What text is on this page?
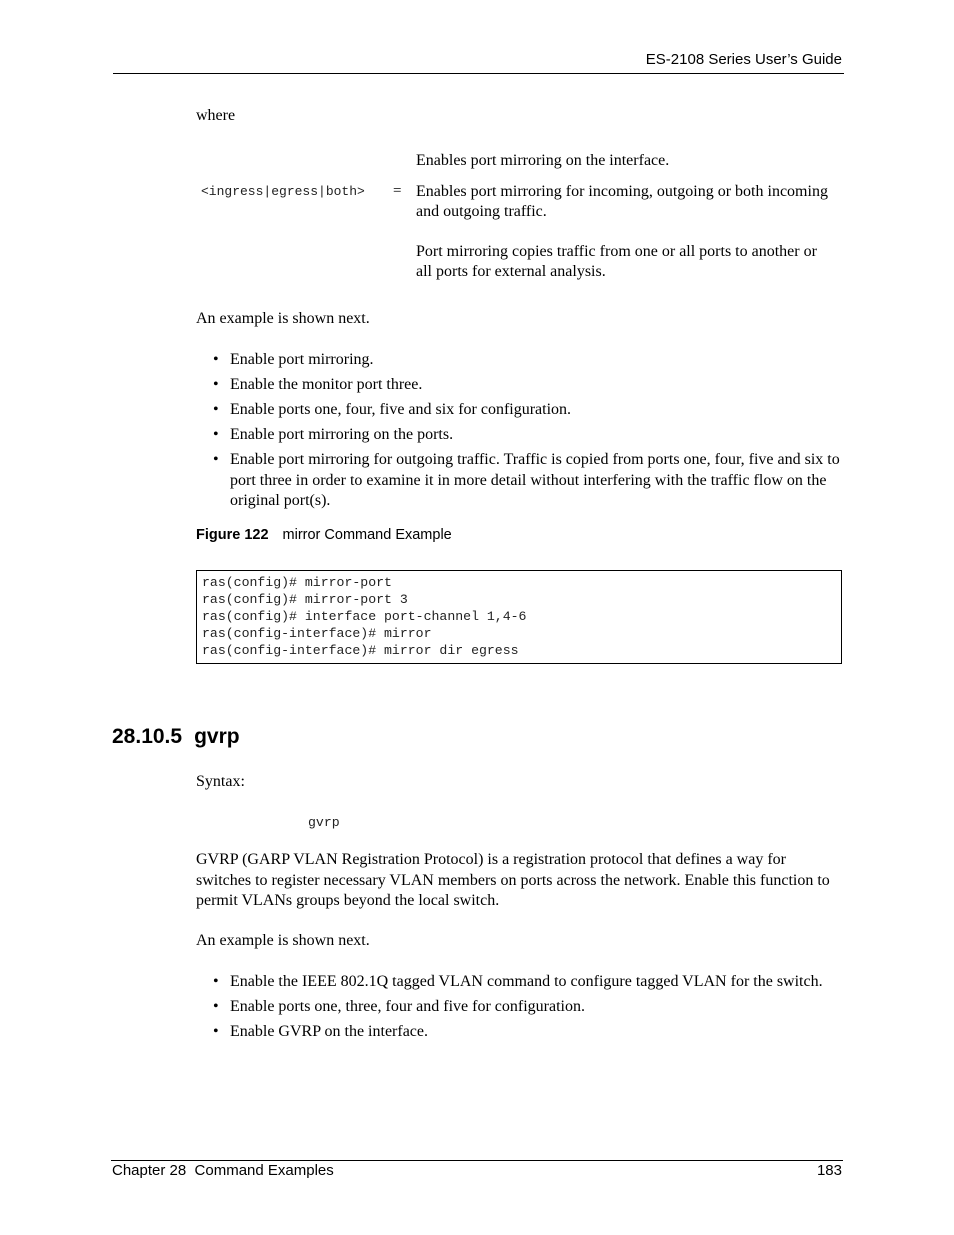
ES-2108 Series User’s Guide
where
<ingress|egress|both> =

Enables port mirroring on the interface.

Enables port mirroring for incoming, outgoing or both incoming and outgoing traffic.

Port mirroring copies traffic from one or all ports to another or all ports for external analysis.

An example is shown next.
• Enable port mirroring.
• Enable the monitor port three.
• Enable ports one, four, five and six for configuration.
• Enable port mirroring on the ports.
• Enable port mirroring for outgoing traffic. Traffic is copied from ports one, four, five and six to port three in order to examine it in more detail without interfering with the traffic flow on the original port(s).
Figure 122 mirror Command Example
ras(config)# mirror-port
ras(config)# mirror-port 3
ras(config)# interface port-channel 1,4-6
ras(config-interface)# mirror
ras(config-interface)# mirror dir egress
28.10.5 gvrp
Syntax:
gvrp
GVRP (GARP VLAN Registration Protocol) is a registration protocol that defines a way for switches to register necessary VLAN members on ports across the network. Enable this function to permit VLANs groups beyond the local switch.
An example is shown next.
• Enable the IEEE 802.1Q tagged VLAN command to configure tagged VLAN for the switch.
• Enable ports one, three, four and five for configuration.
• Enable GVRP on the interface.
Chapter 28  Command Examples	183
